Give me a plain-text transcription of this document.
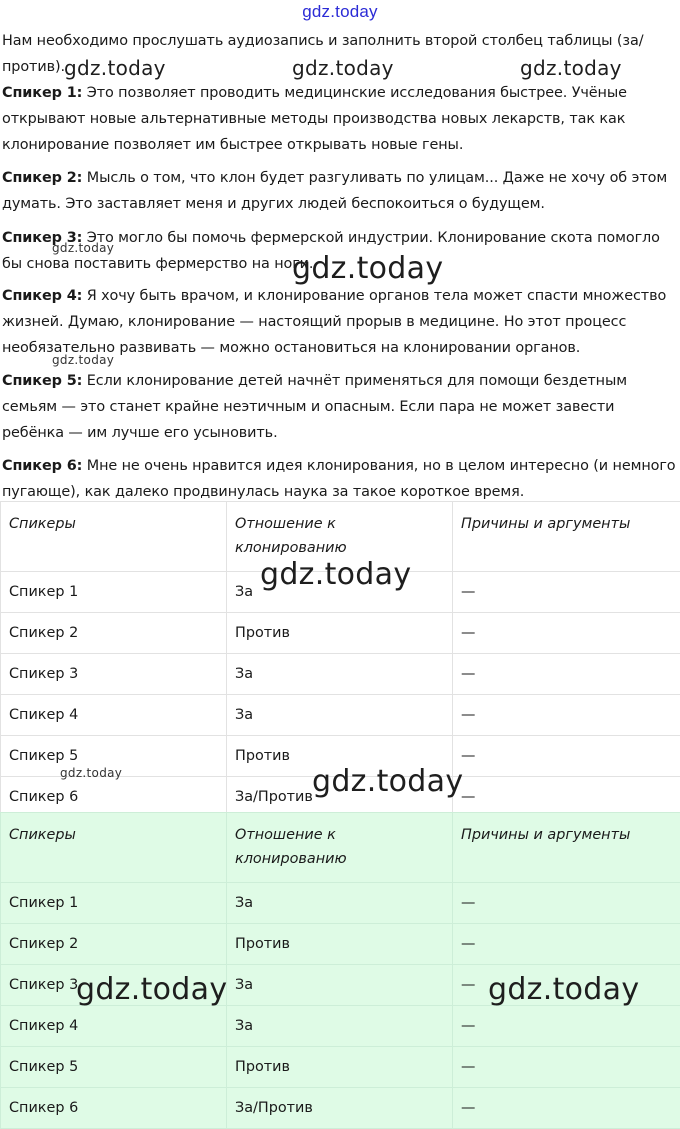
gdz.today
Нам необходимо прослушать аудиозапись и заполнить второй столбец таблицы (за/против).
Спикер 1: Это позволяет проводить медицинские исследования быстрее. Учёные открывают новые альтернативные методы производства новых лекарств, так как клонирование позволяет им быстрее открывать новые гены.
Спикер 2: Мысль о том, что клон будет разгуливать по улицам... Даже не хочу об этом думать. Это заставляет меня и других людей беспокоиться о будущем.
Спикер 3: Это могло бы помочь фермерской индустрии. Клонирование скота помогло бы снова поставить фермерство на ноги.
Спикер 4: Я хочу быть врачом, и клонирование органов тела может спасти множество жизней. Думаю, клонирование — настоящий прорыв в медицине. Но этот процесс необязательно развивать — можно остановиться на клонировании органов.
Спикер 5: Если клонирование детей начнёт применяться для помощи бездетным семьям — это станет крайне неэтичным и опасным. Если пара не может завести ребёнка — им лучше его усыновить.
Спикер 6: Мне не очень нравится идея клонирования, но в целом интересно (и немного пугающе), как далеко продвинулась наука за такое короткое время.
Спикеры	Отношение к клонированию	Причины и аргументы
Спикер 1	За	—
Спикер 2	Против	—
Спикер 3	За	—
Спикер 4	За	—
Спикер 5	Против	—
Спикер 6	За/Против	—
Спикеры	Отношение к клонированию	Причины и аргументы
Спикер 1	За	—
Спикер 2	Против	—
Спикер 3	За	—
Спикер 4	За	—
Спикер 5	Против	—
Спикер 6	За/Против	—
gdz.today	gdz.today	gdz.today
gdz.today
gdz.today
gdz.today
gdz.today
gdz.today	gdz.today
gdz.today	gdz.today
